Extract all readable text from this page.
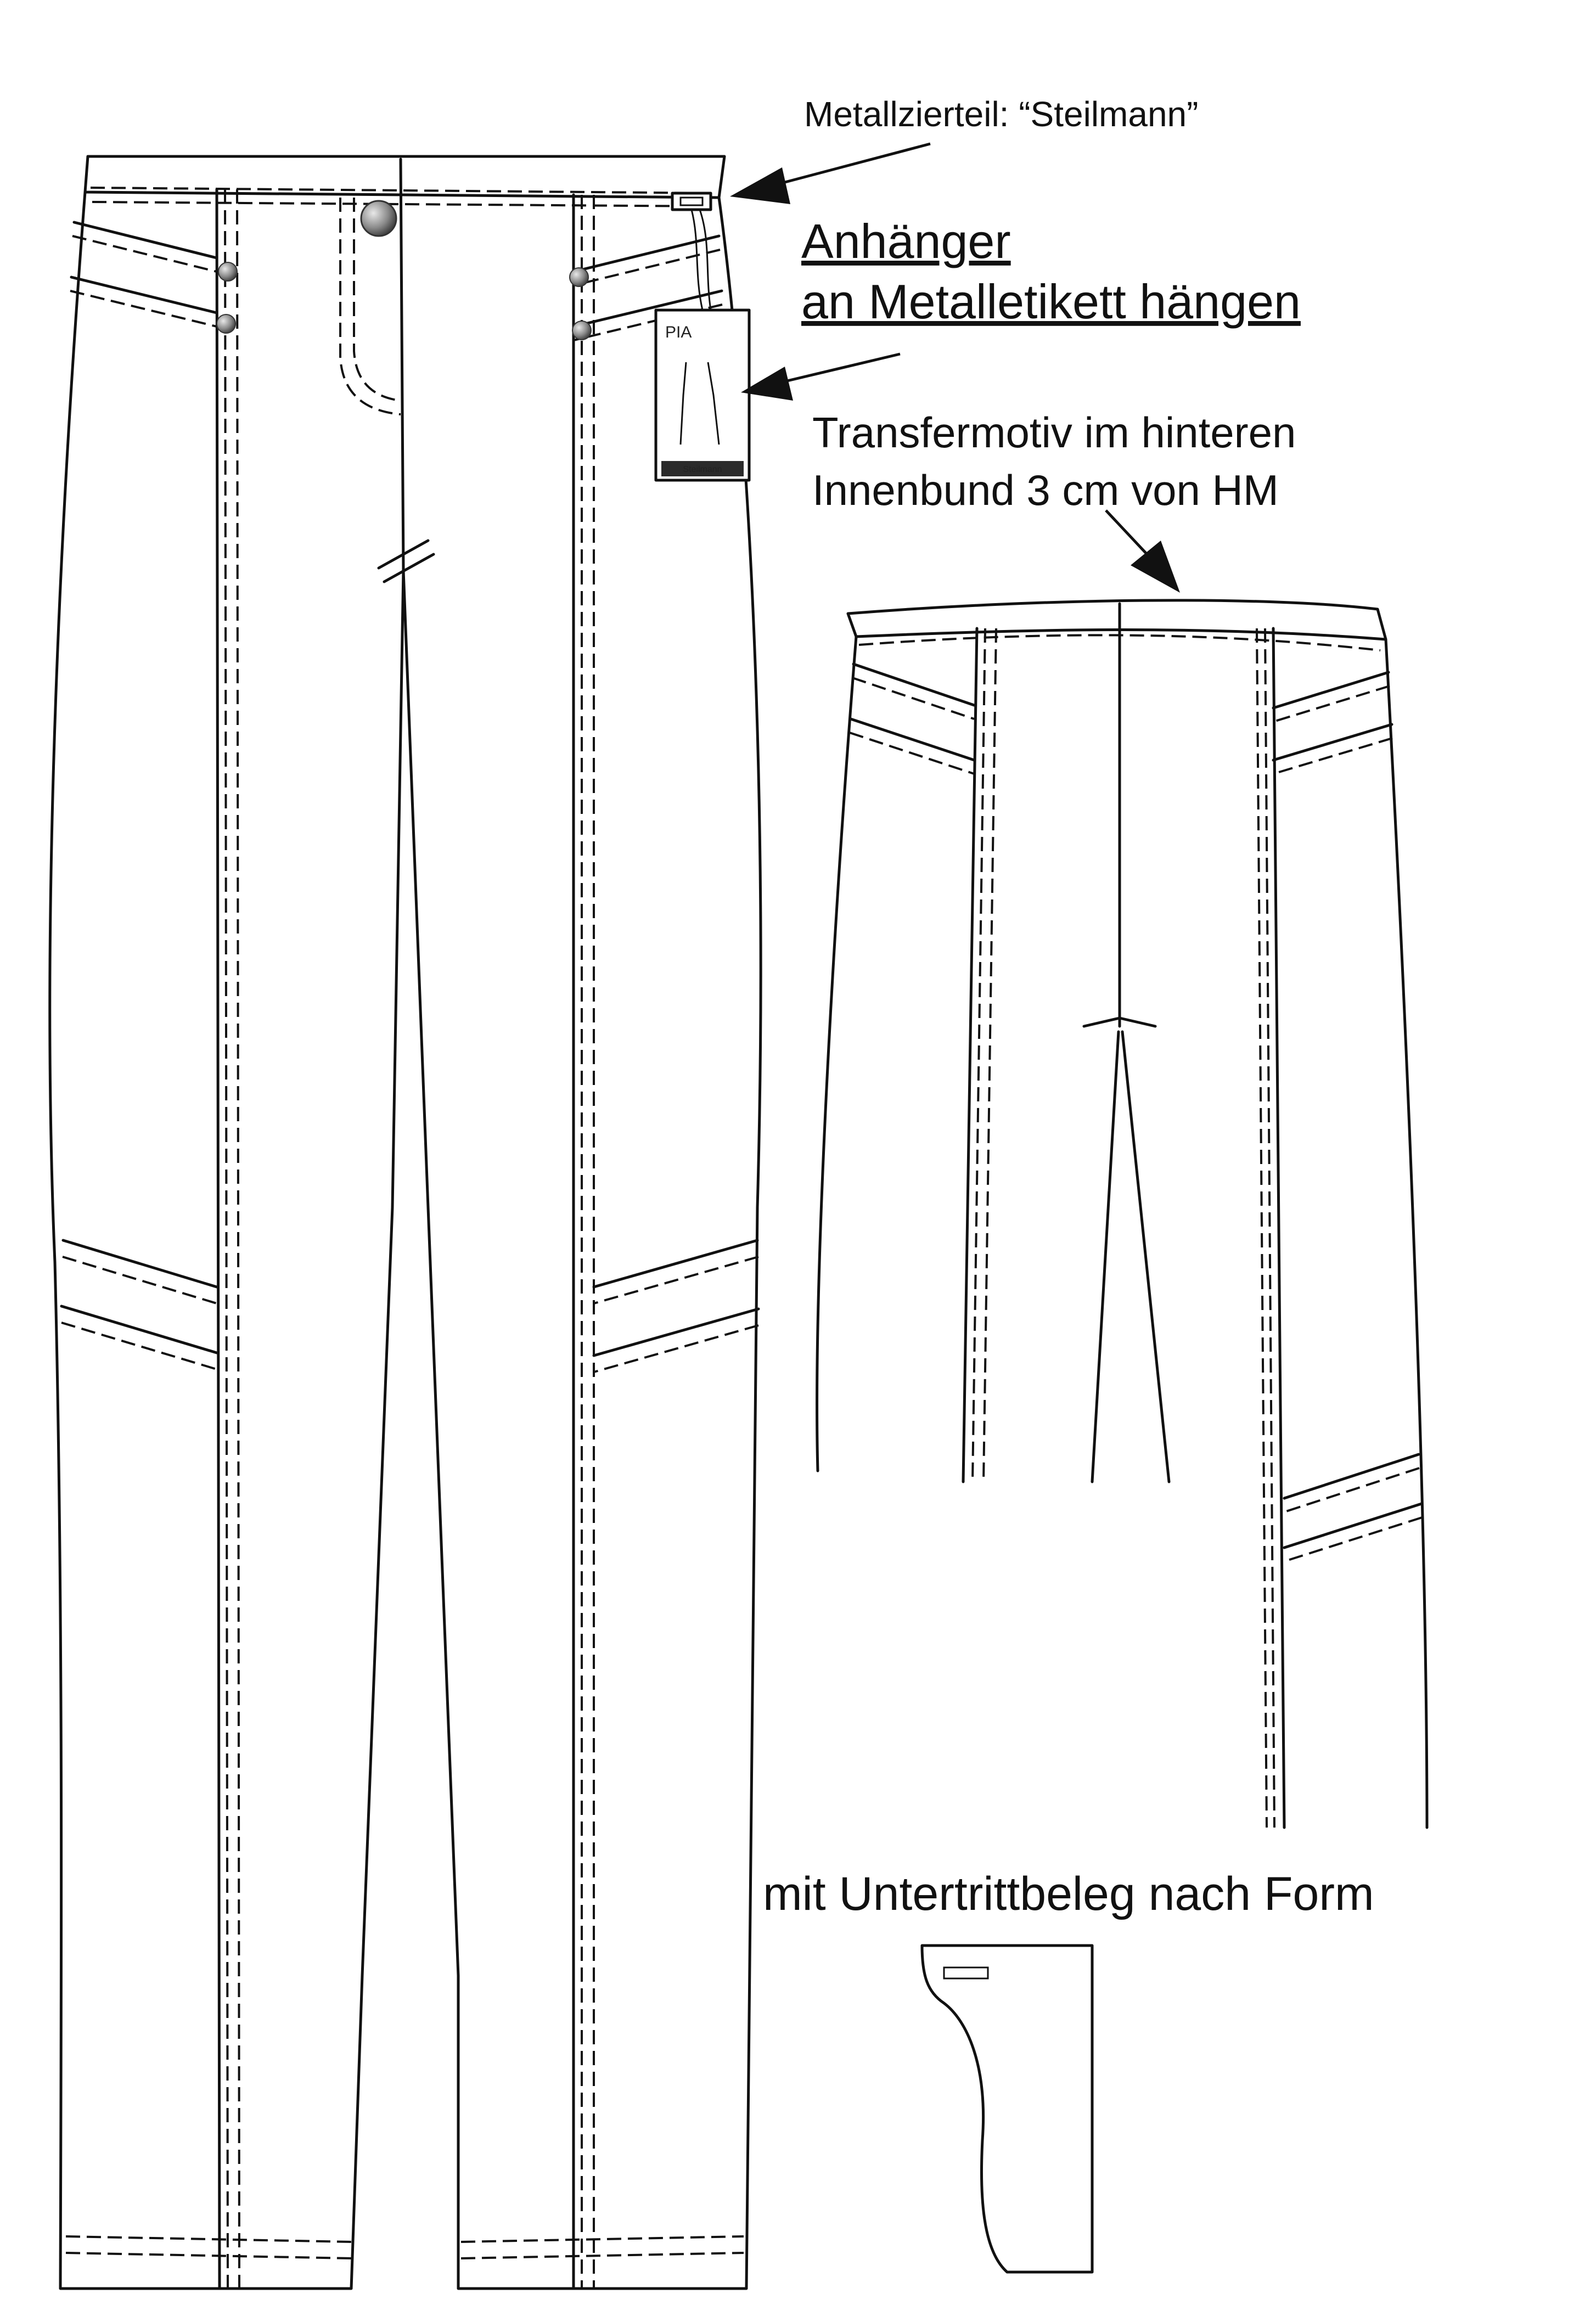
PIA
Steilmann
Metallzierteil: “Steilmann”
Anhänger
an Metalletikett hängen
Transfermotiv im hinteren
Innenbund 3 cm von HM
mit Untertrittbeleg nach Form
